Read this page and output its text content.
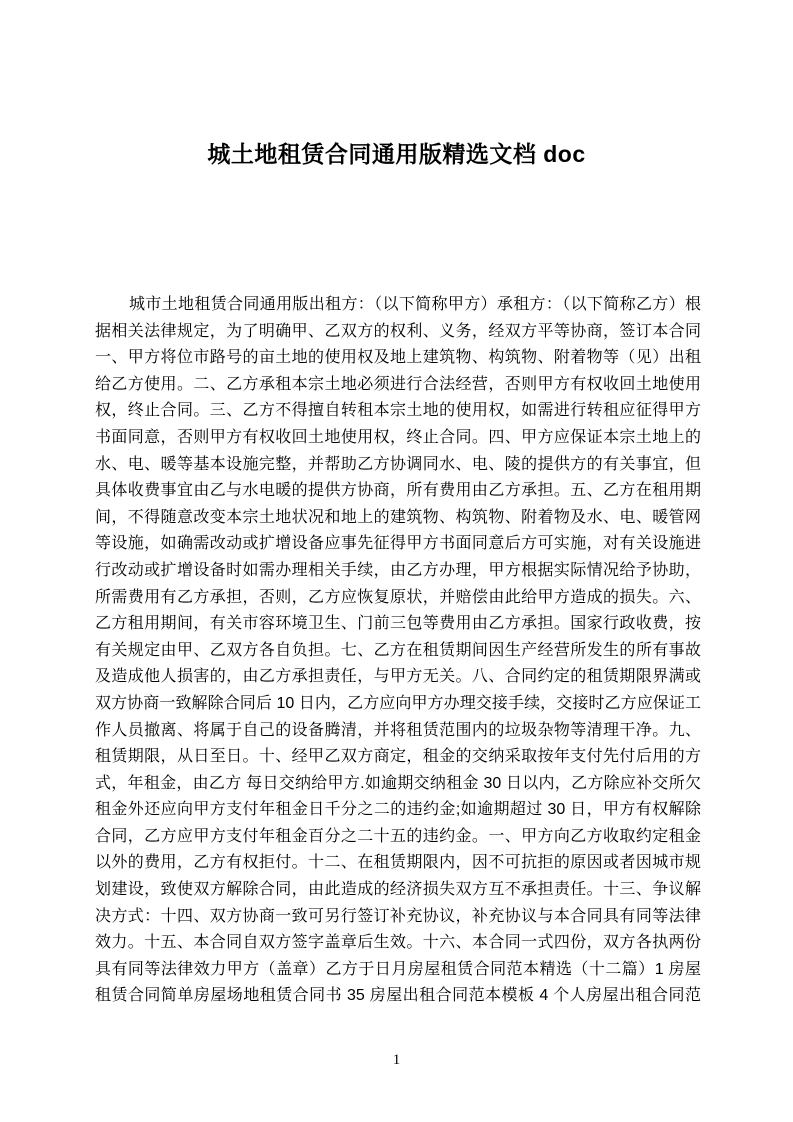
城土地租赁合同通用版精选文档 doc
城市土地租赁合同通用版出租方：（以下简称甲方）承租方：（以下简称乙方）根
据相关法律规定，为了明确甲、乙双方的权利、义务，经双方平等协商，签订本合同
一、甲方将位市路号的亩土地的使用权及地上建筑物、构筑物、附着物等（见）出租
给乙方使用。二、乙方承租本宗土地必须进行合法经营，否则甲方有权收回土地使用
权，终止合同。三、乙方不得擅自转租本宗土地的使用权，如需进行转租应征得甲方
书面同意，否则甲方有权收回土地使用权，终止合同。四、甲方应保证本宗土地上的
水、电、暖等基本设施完整，并帮助乙方协调同水、电、陵的提供方的有关事宜，但
具体收费事宜由乙与水电暖的提供方协商，所有费用由乙方承担。五、乙方在租用期
间，不得随意改变本宗土地状况和地上的建筑物、构筑物、附着物及水、电、暖管网
等设施，如确需改动或扩增设备应事先征得甲方书面同意后方可实施，对有关设施进
行改动或扩增设备时如需办理相关手续，由乙方办理，甲方根据实际情况给予协助，
所需费用有乙方承担，否则，乙方应恢复原状，并赔偿由此给甲方造成的损失。六、
乙方租用期间，有关市容环境卫生、门前三包等费用由乙方承担。国家行政收费，按
有关规定由甲、乙双方各自负担。七、乙方在租赁期间因生产经营所发生的所有事故
及造成他人损害的，由乙方承担责任，与甲方无关。八、合同约定的租赁期限界满或
双方协商一致解除合同后 10 日内，乙方应向甲方办理交接手续，交接时乙方应保证工
作人员撤离、将属于自己的设备腾清，并将租赁范围内的垃圾杂物等清理干净。九、
租赁期限，从日至日。十、经甲乙双方商定，租金的交纳采取按年支付先付后用的方
式，年租金，由乙方 每日交纳给甲方.如逾期交纳租金 30 日以内，乙方除应补交所欠
租金外还应向甲方支付年租金日千分之二的违约金;如逾期超过 30 日，甲方有权解除
合同，乙方应甲方支付年租金百分之二十五的违约金。一、甲方向乙方收取约定租金
以外的费用，乙方有权拒付。十二、在租赁期限内，因不可抗拒的原因或者因城市规
划建设，致使双方解除合同，由此造成的经济损失双方互不承担责任。十三、争议解
决方式：十四、双方协商一致可另行签订补充协议，补充协议与本合同具有同等法律
效力。十五、本合同自双方签字盖章后生效。十六、本合同一式四份，双方各执两份
具有同等法律效力甲方（盖章）乙方于日月房屋租赁合同范本精选（十二篇）1 房屋
租赁合同简单房屋场地租赁合同书 35 房屋出租合同范本模板 4 个人房屋出租合同范
1
